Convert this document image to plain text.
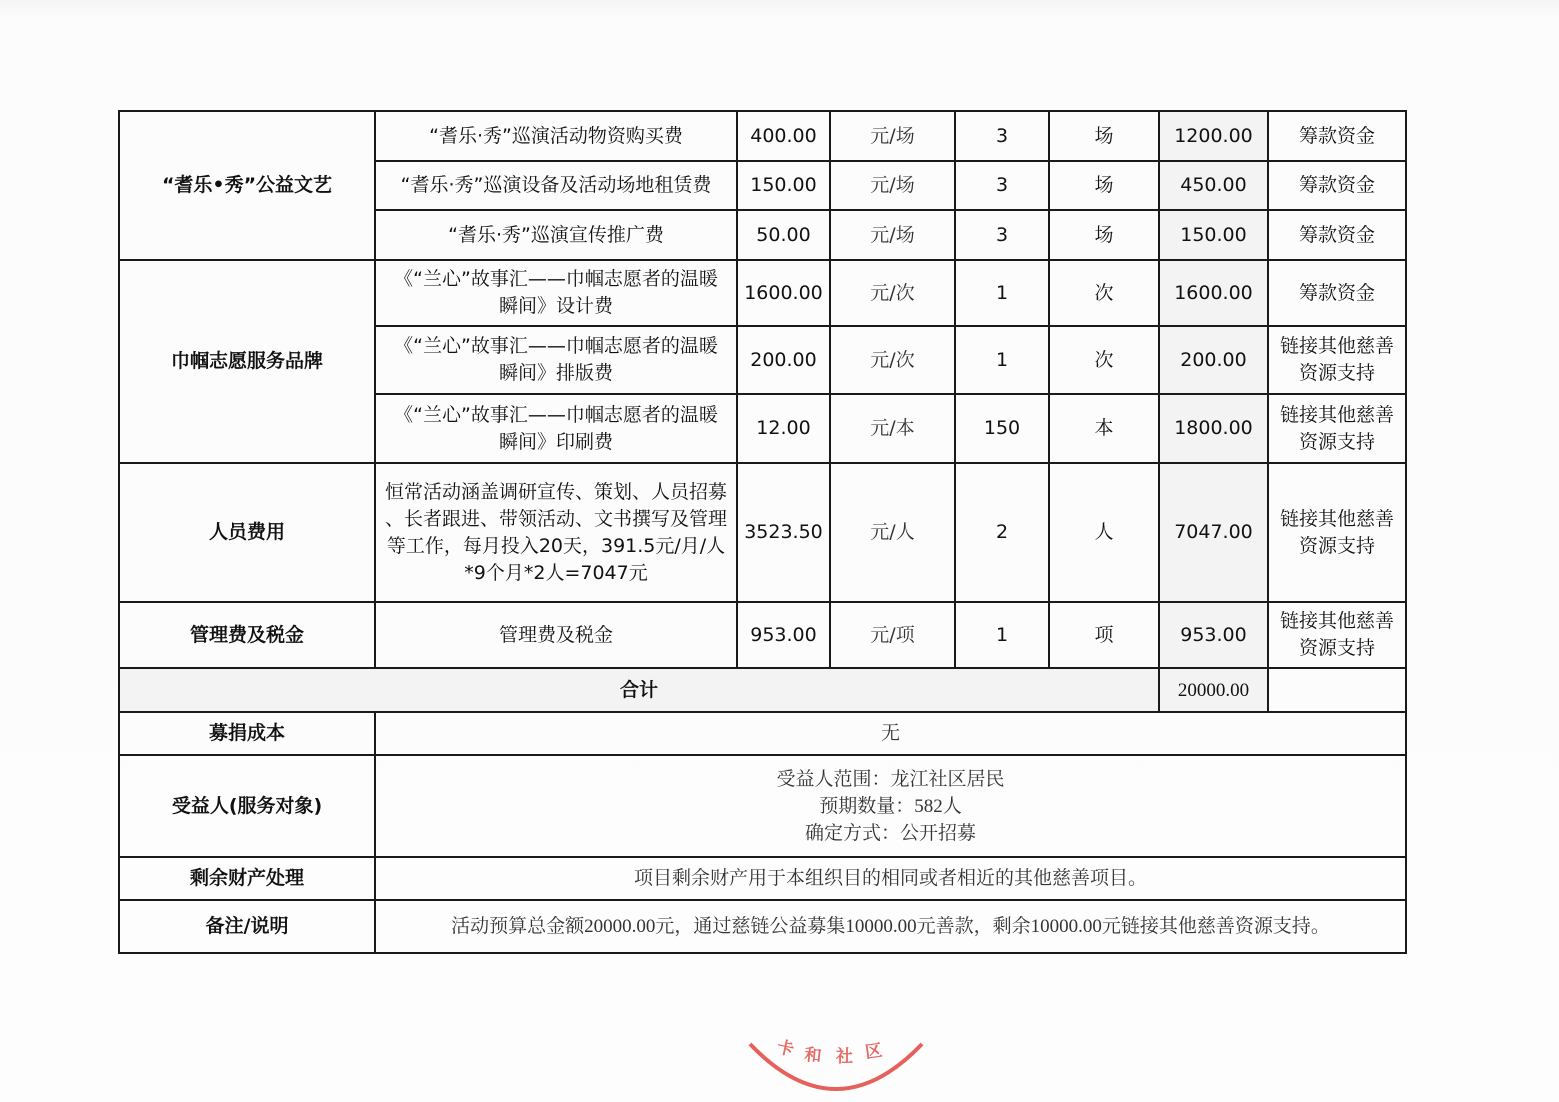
“耆乐•秀”公益文艺	“耆乐·秀”巡演活动物资购买费	400.00	元/场	3	场	1200.00	筹款资金
	“耆乐·秀”巡演设备及活动场地租赁费	150.00	元/场	3	场	450.00	筹款资金
	“耆乐·秀”巡演宣传推广费	50.00	元/场	3	场	150.00	筹款资金
巾帼志愿服务品牌	《“兰心”故事汇——巾帼志愿者的温暖
瞬间》设计费	1600.00	元/次	1	次	1600.00	筹款资金

	《“兰心”故事汇——巾帼志愿者的温暖
瞬间》排版费	200.00	元/次	1	次	200.00	链接其他慈善
资源支持

	《“兰心”故事汇——巾帼志愿者的温暖
瞬间》印刷费	12.00	元/本	150	本	1800.00	链接其他慈善
资源支持

人员费用	恒常活动涵盖调研宣传、策划、人员招募
、长者跟进、带领活动、文书撰写及管理
等工作，每月投入20天，391.5元/月/人
*9个月*2人=7047元	3523.50	元/人	2	人	7047.00	链接其他慈善
资源支持

管理费及税金	管理费及税金	953.00	元/项	1	项	953.00	链接其他慈善
资源支持

合计						20000.00	
募捐成本	无						
受益人(服务对象)	受益人范围：龙江社区居民
预期数量：582人
确定方式：公开招募						

剩余财产处理	项目剩余财产用于本组织目的相同或者相近的其他慈善项目。						
备注/说明	活动预算总金额20000.00元，通过慈链公益募集10000.00元善款，剩余10000.00元链接其他慈善资源支持。						
卡 和 社 区
